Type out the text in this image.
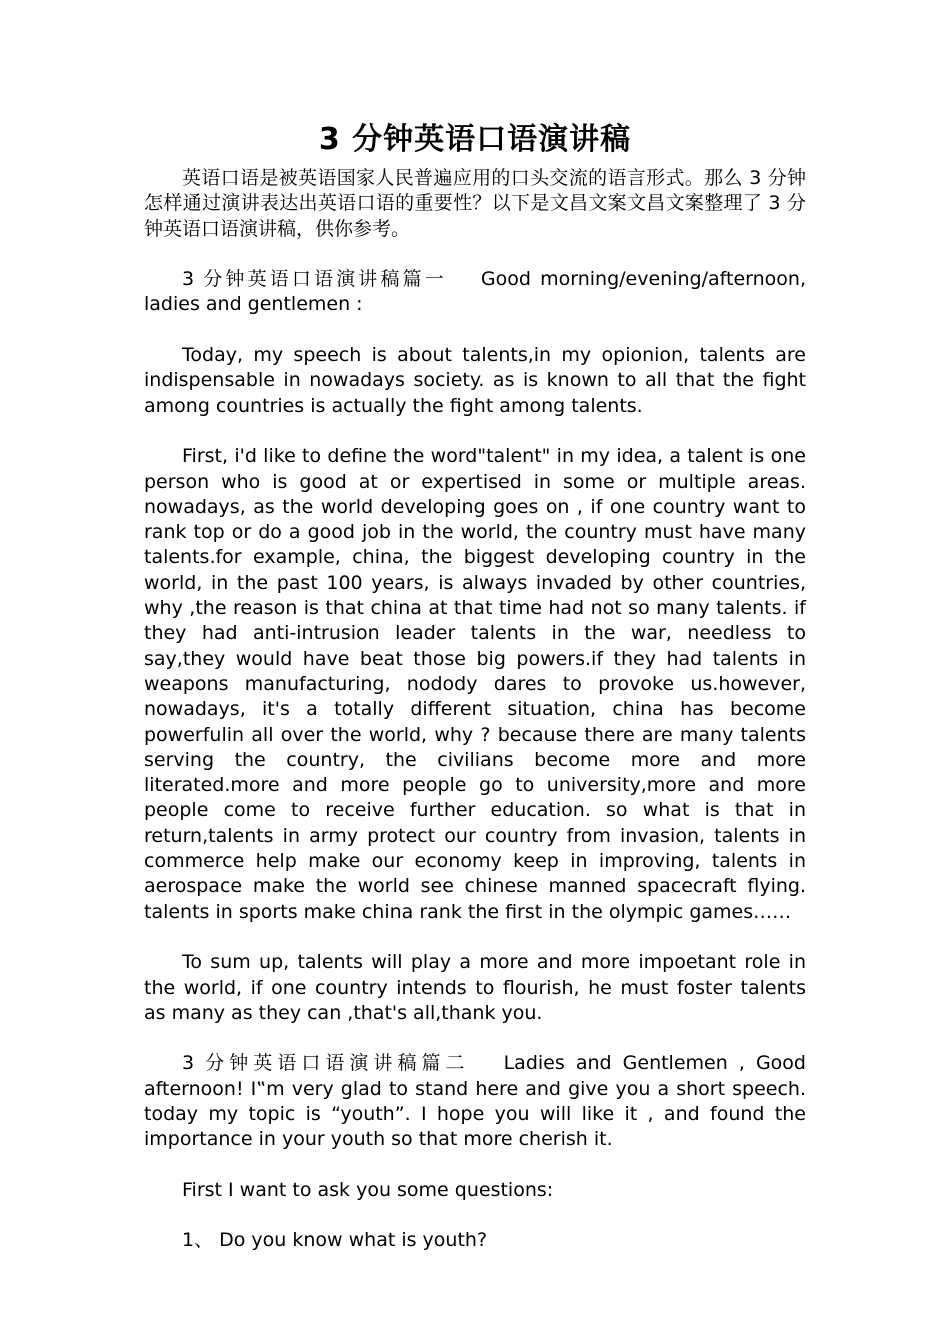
3 分钟英语口语演讲稿

英语口语是被英语国家人民普遍应用的口头交流的语言形式。那么 3 分钟怎样通过演讲表达出英语口语的重要性？以下是文昌文案文昌文案整理了 3 分钟英语口语演讲稿，供你参考。

3 分钟英语口语演讲稿篇一 Good morning/evening/afternoon, ladies and gentlemen :

Today, my speech is about talents,in my opionion, talents are indispensable in nowadays society. as is known to all that the fight among countries is actually the fight among talents.

First, i'd like to define the word"talent" in my idea, a talent is one person who is good at or expertised in some or multiple areas. nowadays, as the world developing goes on , if one country want to rank top or do a good job in the world, the country must have many talents.for example, china, the biggest developing country in the world, in the past 100 years, is always invaded by other countries, why ,the reason is that china at that time had not so many talents. if they had anti-intrusion leader talents in the war, needless to say,they would have beat those big powers.if they had talents in weapons manufacturing, nodody dares to provoke us.however, nowadays, it's a totally different situation, china has become powerfulin all over the world, why ? because there are many talents serving the country, the civilians become more and more literated.more and more people go to university,more and more people come to receive further education. so what is that in return,talents in army protect our country from invasion, talents in commerce help make our economy keep in improving, talents in aerospace make the world see chinese manned spacecraft flying. talents in sports make china rank the first in the olympic games……

To sum up, talents will play a more and more impoetant role in the world, if one country intends to flourish, he must foster talents as many as they can ,that's all,thank you.

3 分钟英语口语演讲稿篇二 Ladies and Gentlemen , Good afternoon! I‟m very glad to stand here and give you a short speech. today my topic is “youth”. I hope you will like it , and found the importance in your youth so that more cherish it.

First I want to ask you some questions:

1、 Do you know what is youth?
